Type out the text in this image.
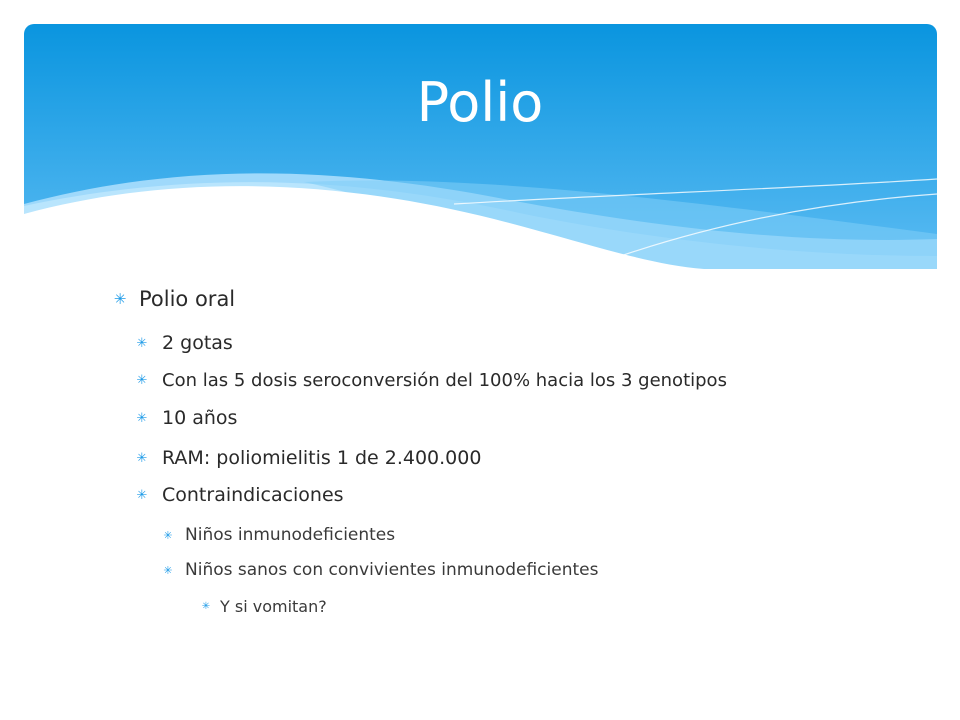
Polio
✳ Polio oral
✳ 2 gotas
✳ Con las 5 dosis seroconversión del 100% hacia los 3 genotipos
✳ 10 años
✳ RAM: poliomielitis 1 de 2.400.000
✳ Contraindicaciones
✳ Niños inmunodeficientes
✳ Niños sanos con convivientes inmunodeficientes
✳ Y si vomitan?
